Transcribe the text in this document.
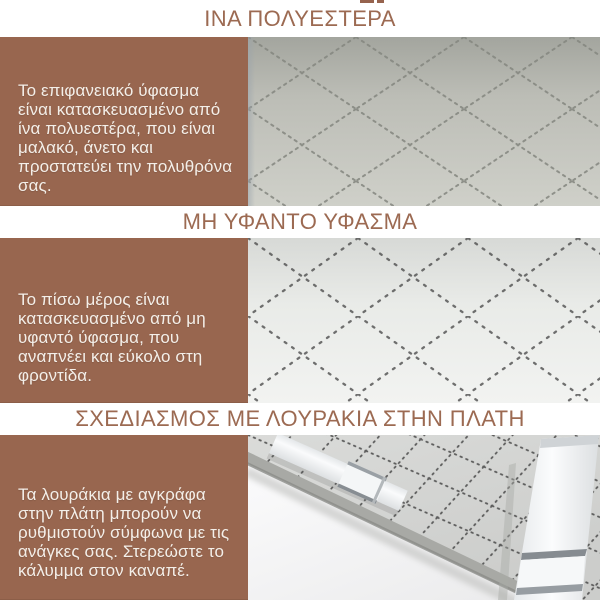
ΙΝΑ ΠΟΛΥΕΣΤΕΡΑ

Το επιφανειακό ύφασμα είναι κατασκευασμένο από ίνα πολυεστέρα, που είναι μαλακό, άνετο και προστατεύει την πολυθρόνα σας.

ΜΗ ΥΦΑΝΤΟ ΥΦΑΣΜΑ

Το πίσω μέρος είναι κατασκευασμένο από μη υφαντό ύφασμα, που αναπνέει και εύκολο στη φροντίδα.

ΣΧΕΔΙΑΣΜΟΣ ΜΕ ΛΟΥΡΑΚΙΑ ΣΤΗΝ ΠΛΑΤΗ

Τα λουράκια με αγκράφα στην πλάτη μπορούν να ρυθμιστούν σύμφωνα με τις ανάγκες σας. Στερεώστε το κάλυμμα στον καναπέ.
